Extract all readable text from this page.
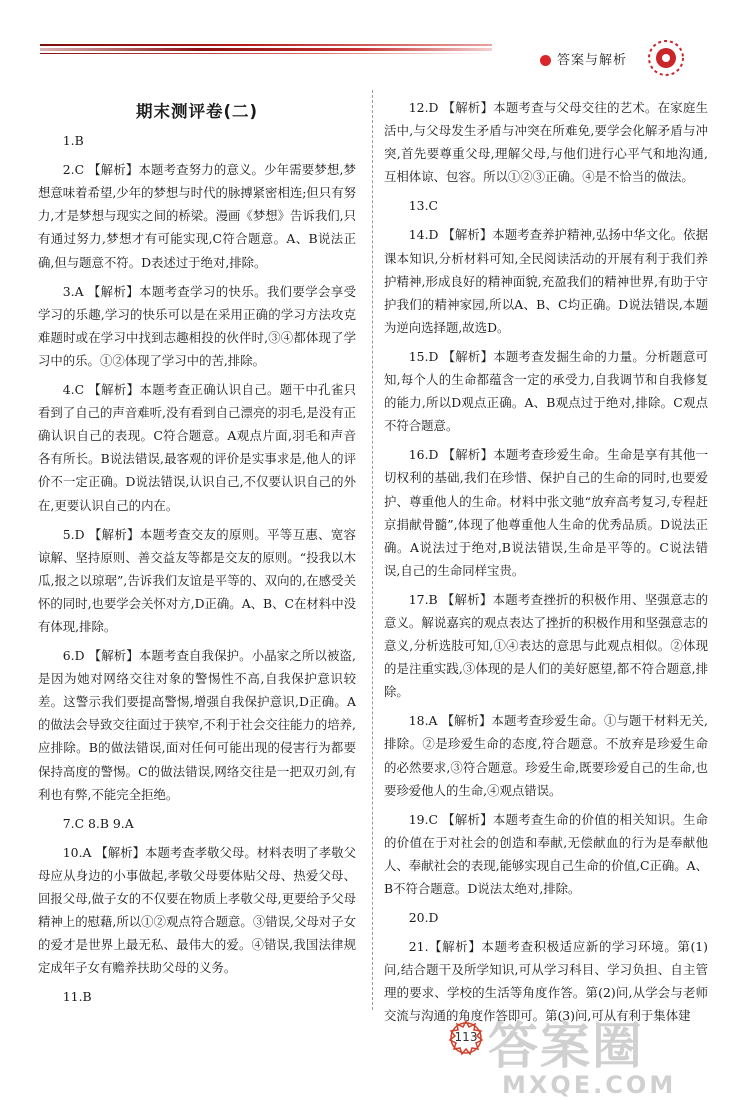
答案与解析
期末测评卷(二)

1.B

2.C 【解析】本题考查努力的意义。少年需要梦想,梦想意味着希望,少年的梦想与时代的脉搏紧密相连;但只有努力,才是梦想与现实之间的桥梁。漫画《梦想》告诉我们,只有通过努力,梦想才有可能实现,C符合题意。A、B说法正确,但与题意不符。D表述过于绝对,排除。

3.A 【解析】本题考查学习的快乐。我们要学会享受学习的乐趣,学习的快乐可以是在采用正确的学习方法攻克难题时或在学习中找到志趣相投的伙伴时,③④都体现了学习中的乐。①②体现了学习中的苦,排除。

4.C 【解析】本题考查正确认识自己。题干中孔雀只看到了自己的声音难听,没有看到自己漂亮的羽毛,是没有正确认识自己的表现。C符合题意。A观点片面,羽毛和声音各有所长。B说法错误,最客观的评价是实事求是,他人的评价不一定正确。D说法错误,认识自己,不仅要认识自己的外在,更要认识自己的内在。

5.D 【解析】本题考查交友的原则。平等互惠、宽容谅解、坚持原则、善交益友等都是交友的原则。“投我以木瓜,报之以琼琚”,告诉我们友谊是平等的、双向的,在感受关怀的同时,也要学会关怀对方,D正确。A、B、C在材料中没有体现,排除。

6.D 【解析】本题考查自我保护。小晶家之所以被盗,是因为她对网络交往对象的警惕性不高,自我保护意识较差。这警示我们要提高警惕,增强自我保护意识,D正确。A的做法会导致交往面过于狭窄,不利于社会交往能力的培养,应排除。B的做法错误,面对任何可能出现的侵害行为都要保持高度的警惕。C的做法错误,网络交往是一把双刃剑,有利也有弊,不能完全拒绝。

7.C 8.B 9.A

10.A 【解析】本题考查孝敬父母。材料表明了孝敬父母应从身边的小事做起,孝敬父母要体贴父母、热爱父母、回报父母,做子女的不仅要在物质上孝敬父母,更要给予父母精神上的慰藉,所以①②观点符合题意。③错误,父母对子女的爱才是世界上最无私、最伟大的爱。④错误,我国法律规定成年子女有赡养扶助父母的义务。

11.B

12.D 【解析】本题考查与父母交往的艺术。在家庭生活中,与父母发生矛盾与冲突在所难免,要学会化解矛盾与冲突,首先要尊重父母,理解父母,与他们进行心平气和地沟通,互相体谅、包容。所以①②③正确。④是不恰当的做法。

13.C

14.D 【解析】本题考查养护精神,弘扬中华文化。依据课本知识,分析材料可知,全民阅读活动的开展有利于我们养护精神,形成良好的精神面貌,充盈我们的精神世界,有助于守护我们的精神家园,所以A、B、C均正确。D说法错误,本题为逆向选择题,故选D。

15.D 【解析】本题考查发掘生命的力量。分析题意可知,每个人的生命都蕴含一定的承受力,自我调节和自我修复的能力,所以D观点正确。A、B观点过于绝对,排除。C观点不符合题意。

16.D 【解析】本题考查珍爱生命。生命是享有其他一切权利的基础,我们在珍惜、保护自己的生命的同时,也要爱护、尊重他人的生命。材料中张文驰“放弃高考复习,专程赶京捐献骨髓”,体现了他尊重他人生命的优秀品质。D说法正确。A说法过于绝对,B说法错误,生命是平等的。C说法错误,自己的生命同样宝贵。

17.B 【解析】本题考查挫折的积极作用、坚强意志的意义。解说嘉宾的观点表达了挫折的积极作用和坚强意志的意义,分析选肢可知,①④表达的意思与此观点相似。②体现的是注重实践,③体现的是人们的美好愿望,都不符合题意,排除。

18.A 【解析】本题考查珍爱生命。①与题干材料无关,排除。②是珍爱生命的态度,符合题意。不放弃是珍爱生命的必然要求,③符合题意。珍爱生命,既要珍爱自己的生命,也要珍爱他人的生命,④观点错误。

19.C 【解析】本题考查生命的价值的相关知识。生命的价值在于对社会的创造和奉献,无偿献血的行为是奉献他人、奉献社会的表现,能够实现自己生命的价值,C正确。A、B不符合题意。D说法太绝对,排除。

20.D

21.【解析】本题考查积极适应新的学习环境。第(1)问,结合题干及所学知识,可从学习科目、学习负担、自主管理的要求、学校的生活等角度作答。第(2)问,从学会与老师交流与沟通的角度作答即可。第(3)问,可从有利于集体建

113 答案圈
MXQE.COM
